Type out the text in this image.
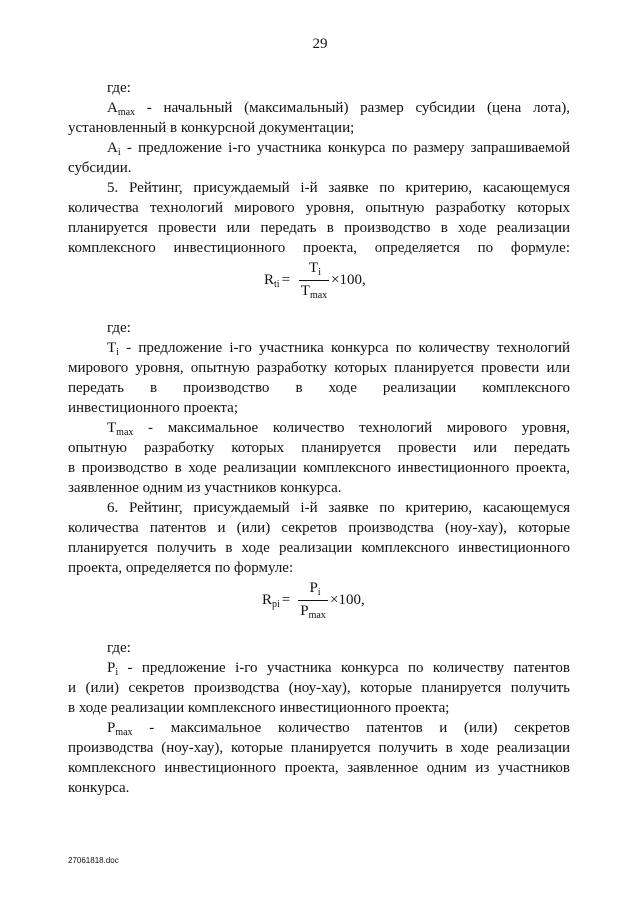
29
где:
$A_{max}$ - начальный (максимальный) размер субсидии (цена лота),
установленный в конкурсной документации;
$A_i$ - предложение i-го участника конкурса по размеру запрашиваемой
субсидии.
5. Рейтинг, присуждаемый i-й заявке по критерию, касающемуся
количества технологий мирового уровня, опытную разработку которых
планируется провести или передать в производство в ходе реализации
комплексного инвестиционного проекта, определяется по формуле:
$R_{ti}$ =
$T_i$
$T_{max}$
×100,
где:
$T_i$ - предложение i-го участника конкурса по количеству технологий
мирового уровня, опытную разработку которых планируется провести или
передать в производство в ходе реализации комплексного
инвестиционного проекта;
$T_{max}$ - максимальное количество технологий мирового уровня,
опытную разработку которых планируется провести или передать
в производство в ходе реализации комплексного инвестиционного проекта,
заявленное одним из участников конкурса.
6. Рейтинг, присуждаемый i-й заявке по критерию, касающемуся
количества патентов и (или) секретов производства (ноу-хау), которые
планируется получить в ходе реализации комплексного инвестиционного
проекта, определяется по формуле:
$R_{pi}$ =
$P_i$
$P_{max}$
×100,
где:
$P_i$ - предложение i-го участника конкурса по количеству патентов
и (или) секретов производства (ноу-хау), которые планируется получить
в ходе реализации комплексного инвестиционного проекта;
$P_{max}$ - максимальное количество патентов и (или) секретов
производства (ноу-хау), которые планируется получить в ходе реализации
комплексного инвестиционного проекта, заявленное одним из участников
конкурса.
27061818.doc
